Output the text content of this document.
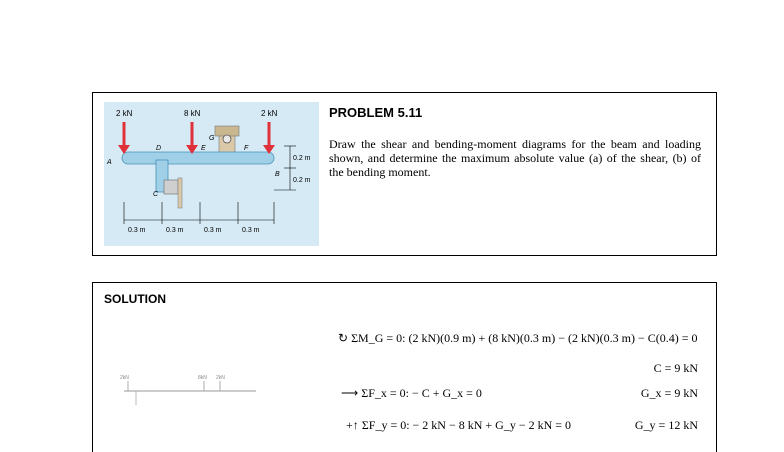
2 kN	8 kN	2 kN
A
B
C
D	E	F
G
0.2 m
0.2 m
0.3 m	0.3 m	0.3 m	0.3 m
PROBLEM 5.11
Draw the shear and bending-moment diagrams for the beam and loading shown, and determine the maximum absolute value (a) of the shear, (b) of the bending moment.
SOLUTION
2kN	8kN 2kN
↻ ΣM_G = 0: (2 kN)(0.9 m) + (8 kN)(0.3 m) − (2 kN)(0.3 m) − C(0.4) = 0
C = 9 kN
⟶ ΣF_x = 0: − C + G_x = 0	G_x = 9 kN
+↑ ΣF_y = 0: − 2 kN − 8 kN + G_y − 2 kN = 0	G_y = 12 kN
